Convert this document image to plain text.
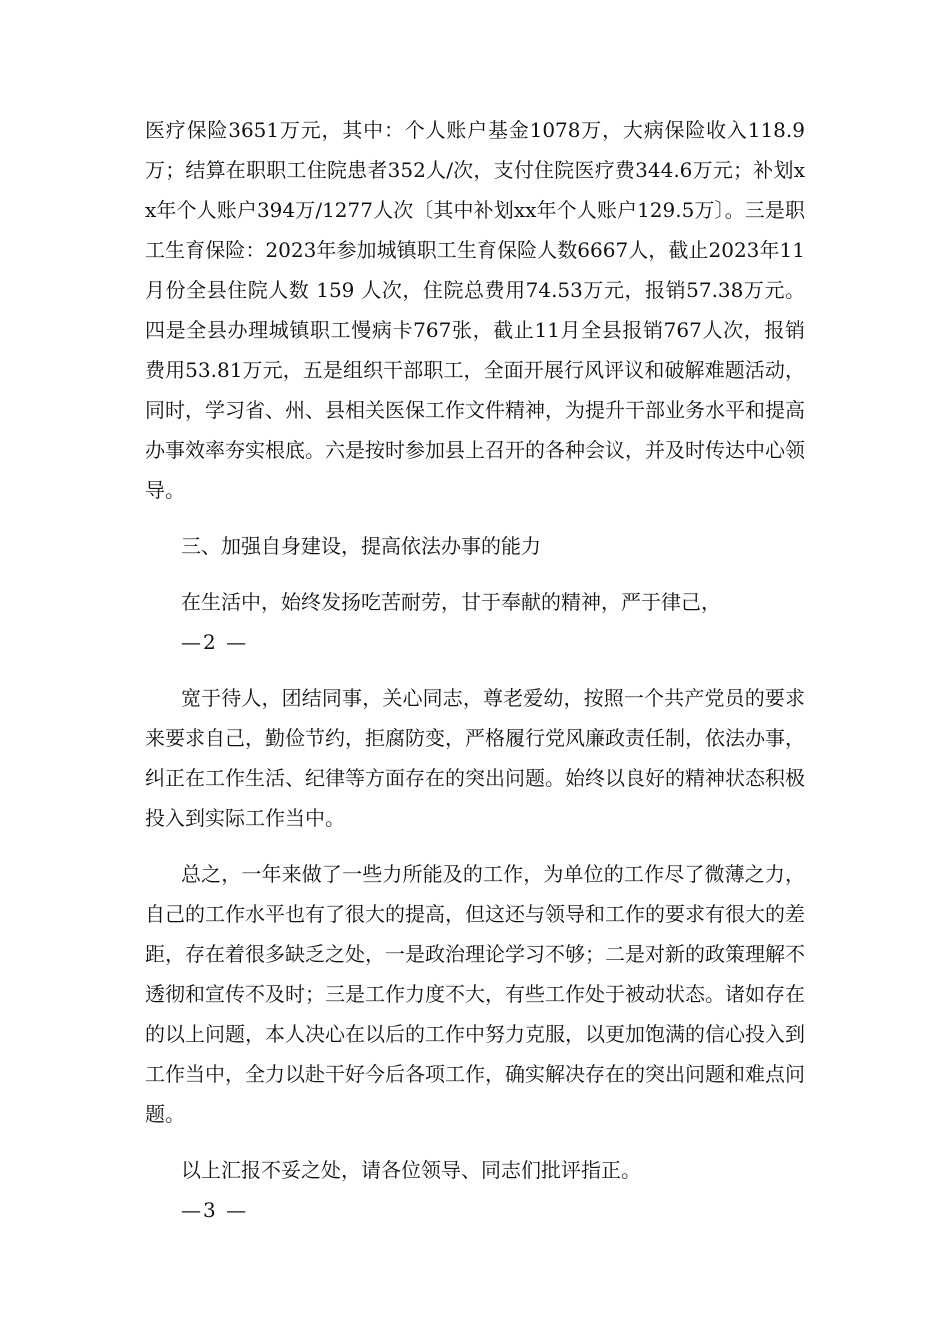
医疗保险3651万元，其中：个人账户基金1078万，大病保险收入118.9万；结算在职职工住院患者352人/次，支付住院医疗费344.6万元；补划xx年个人账户394万/1277人次〔其中补划xx年个人账户129.5万〕。三是职工生育保险：2023年参加城镇职工生育保险人数6667人，截止2023年11月份全县住院人数 159 人次，住院总费用74.53万元，报销57.38万元。四是全县办理城镇职工慢病卡767张，截止11月全县报销767人次，报销费用53.81万元，五是组织干部职工，全面开展行风评议和破解难题活动，同时，学习省、州、县相关医保工作文件精神，为提升干部业务水平和提高办事效率夯实根底。六是按时参加县上召开的各种会议，并及时传达中心领导。

三、加强自身建设，提高依法办事的能力

在生活中，始终发扬吃苦耐劳，甘于奉献的精神，严于律己，

—2 —

宽于待人，团结同事，关心同志，尊老爱幼，按照一个共产党员的要求来要求自己，勤俭节约，拒腐防变，严格履行党风廉政责任制，依法办事，纠正在工作生活、纪律等方面存在的突出问题。始终以良好的精神状态积极投入到实际工作当中。

总之，一年来做了一些力所能及的工作，为单位的工作尽了微薄之力，自己的工作水平也有了很大的提高，但这还与领导和工作的要求有很大的差距，存在着很多缺乏之处，一是政治理论学习不够；二是对新的政策理解不透彻和宣传不及时；三是工作力度不大，有些工作处于被动状态。诸如存在的以上问题，本人决心在以后的工作中努力克服，以更加饱满的信心投入到工作当中，全力以赴干好今后各项工作，确实解决存在的突出问题和难点问题。

以上汇报不妥之处，请各位领导、同志们批评指正。

—3 —
